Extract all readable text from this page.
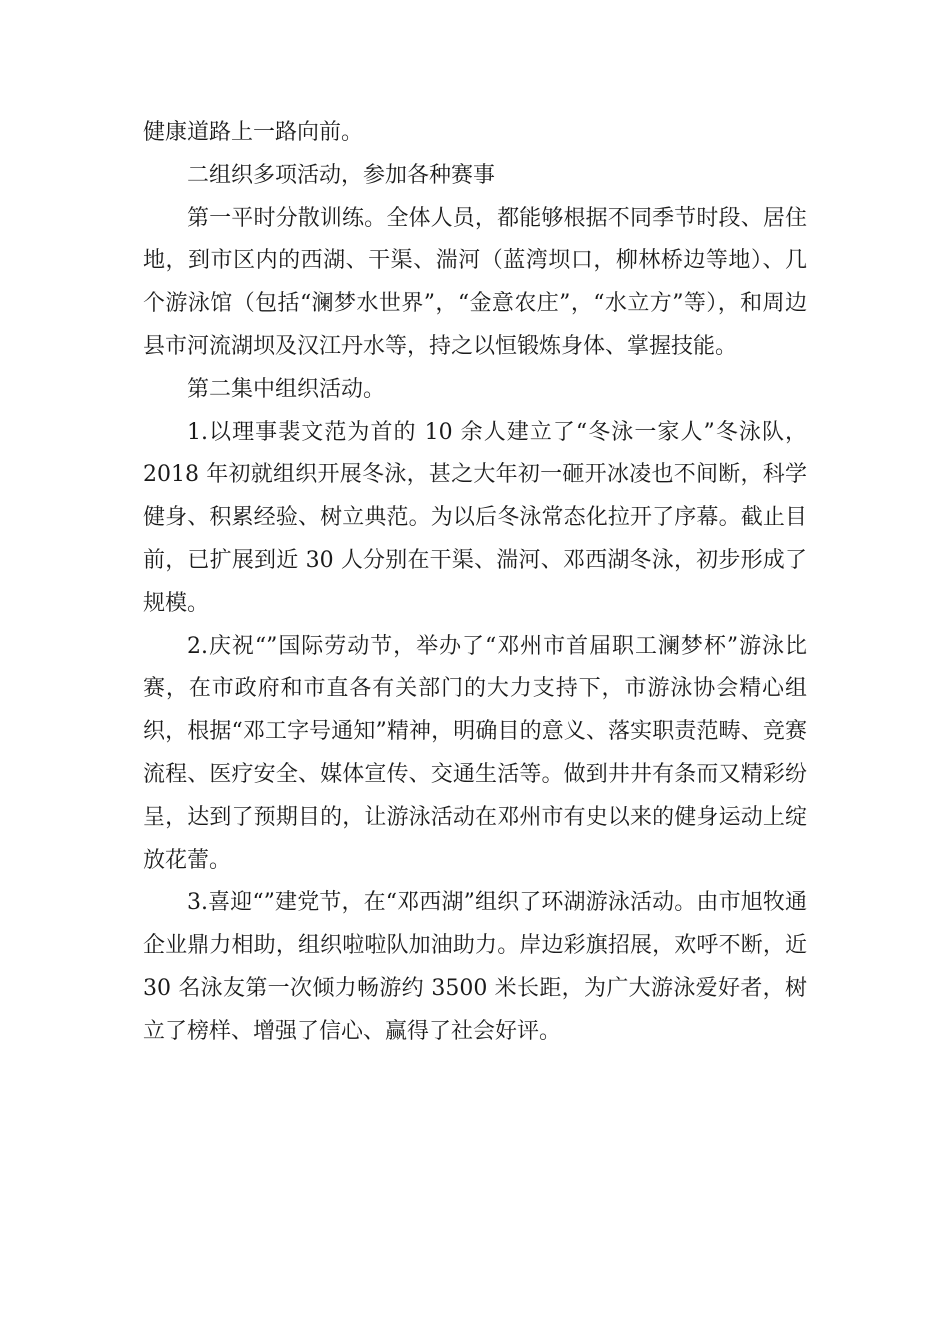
健康道路上一路向前。

二组织多项活动，参加各种赛事

第一平时分散训练。全体人员，都能够根据不同季节时段、居住地，到市区内的西湖、干渠、湍河（蓝湾坝口，柳林桥边等地）、几个游泳馆（包括“澜梦水世界”，“金意农庄”，“水立方”等），和周边县市河流湖坝及汉江丹水等，持之以恒锻炼身体、掌握技能。

第二集中组织活动。

1.以理事裴文范为首的 10 余人建立了“冬泳一家人”冬泳队，2018 年初就组织开展冬泳，甚之大年初一砸开冰凌也不间断，科学健身、积累经验、树立典范。为以后冬泳常态化拉开了序幕。截止目前，已扩展到近 30 人分别在干渠、湍河、邓西湖冬泳，初步形成了规模。

2.庆祝“”国际劳动节，举办了“邓州市首届职工澜梦杯”游泳比赛，在市政府和市直各有关部门的大力支持下，市游泳协会精心组织，根据“邓工字号通知”精神，明确目的意义、落实职责范畴、竞赛流程、医疗安全、媒体宣传、交通生活等。做到井井有条而又精彩纷呈，达到了预期目的，让游泳活动在邓州市有史以来的健身运动上绽放花蕾。

3.喜迎“”建党节，在“邓西湖”组织了环湖游泳活动。由市旭牧通企业鼎力相助，组织啦啦队加油助力。岸边彩旗招展，欢呼不断，近 30 名泳友第一次倾力畅游约 3500 米长距，为广大游泳爱好者，树立了榜样、增强了信心、赢得了社会好评。
